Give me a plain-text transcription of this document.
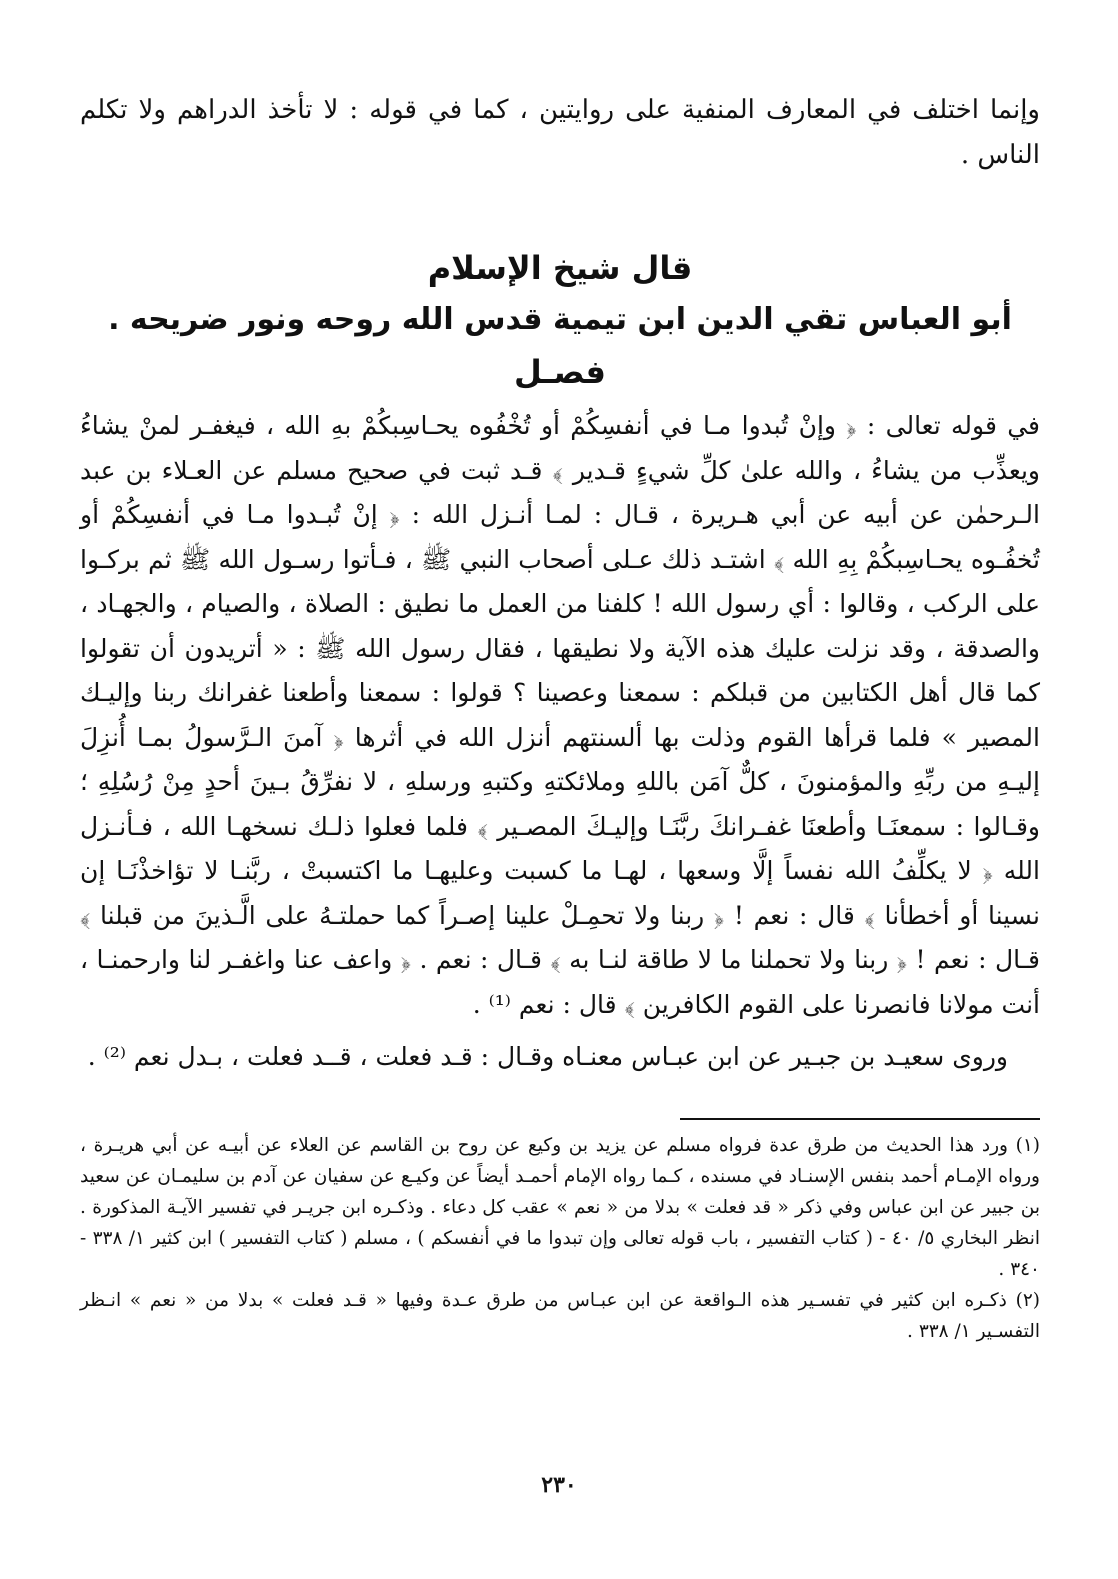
وإنما اختلف في المعارف المنفية على روايتين ، كما في قوله : لا تأخذ الدراهم ولا تكلم الناس .

قال شيخ الإسلام

أبو العباس تقي الدين ابن تيمية قدس الله روحه ونور ضريحه .

فصـل

في قوله تعالى : ﴿ وإنْ تُبدوا مـا في أنفسِكُمْ أو تُخْفُوه يحـاسِبكُمْ بهِ الله ، فيغفـر لمنْ يشاءُ ويعذِّب من يشاءُ ، والله علىٰ كلِّ شيءٍ قـدير ﴾ قـد ثبت في صحيح مسلم عن العـلاء بن عبد الـرحمٰن عن أبيه عن أبي هـريرة ، قـال : لمـا أنـزل الله : ﴿ إنْ تُبـدوا مـا في أنفسِكُمْ أو تُخفُـوه يحـاسِبكُمْ بِهِ الله ﴾ اشتـد ذلك عـلى أصحاب النبي ﷺ ، فـأتوا رسـول الله ﷺ ثم بركـوا على الركب ، وقالوا : أي رسول الله ! كلفنا من العمل ما نطيق : الصلاة ، والصيام ، والجهـاد ، والصدقة ، وقد نزلت عليك هذه الآية ولا نطيقها ، فقال رسول الله ﷺ : « أتريدون أن تقولوا كما قال أهل الكتابين من قبلكم : سمعنا وعصينا ؟ قولوا : سمعنا وأطعنا غفرانك ربنا وإليـك المصير » فلما قرأها القوم وذلت بها ألسنتهم أنزل الله في أثرها ﴿ آمنَ الـرَّسولُ بمـا أُنزِلَ إليـهِ من ربِّهِ والمؤمنونَ ، كلٌّ آمَن باللهِ وملائكتهِ وكتبهِ ورسلهِ ، لا نفرِّقُ بـينَ أحدٍ مِنْ رُسُلِهِ ؛ وقـالوا : سمعنَـا وأطعنَا غفـرانكَ ربَّنَـا وإليـكَ المصـير ﴾ فلما فعلوا ذلـك نسخهـا الله ، فـأنـزل الله ﴿ لا يكلِّفُ الله نفساً إلَّا وسعها ، لهـا ما كسبت وعليهـا ما اكتسبتْ ، ربَّنـا لا تؤاخذْنَـا إن نسينا أو أخطأنا ﴾ قال : نعم ! ﴿ ربنا ولا تحمِـلْ علينا إصـراً كما حملتـهُ على الَّـذينَ من قبلنا ﴾ قـال : نعم ! ﴿ ربنا ولا تحملنا ما لا طاقة لنـا به ﴾ قـال : نعم . ﴿ واعف عنا واغفـر لنا وارحمنـا ، أنت مولانا فانصرنا على القوم الكافرين ﴾ قال : نعم ⁽¹⁾ .

وروى سعيـد بن جبـير عن ابن عبـاس معنـاه وقـال : قـد فعلت ، قــد فعلت ، بـدل نعم ⁽²⁾ .

(١) ورد هذا الحديث من طرق عدة فرواه مسلم عن يزيد بن وكيع عن روح بن القاسم عن العلاء عن أبيـه عن أبي هريـرة ، ورواه الإمـام أحمد بنفس الإسنـاد في مسنده ، كـما رواه الإمام أحمـد أيضاً عن وكيـع عن سفيان عن آدم بن سليمـان عن سعيد بن جبير عن ابن عباس وفي ذكر « قد فعلت » بدلا من « نعم » عقب كل دعاء . وذكـره ابن جريـر في تفسير الآيـة المذكورة . انظر البخاري ٥/ ٤٠ - ( كتاب التفسير ، باب قوله تعالى وإن تبدوا ما في أنفسكم ) ، مسلم ( كتاب التفسير ) ابن كثير ١/ ٣٣٨ - ٣٤٠ .

(٢) ذكـره ابن كثير في تفسـير هذه الـواقعة عن ابن عبـاس من طرق عـدة وفيها « قـد فعلت » بدلا من « نعم » انـظر التفسـير ١/ ٣٣٨ .

٢٣٠
